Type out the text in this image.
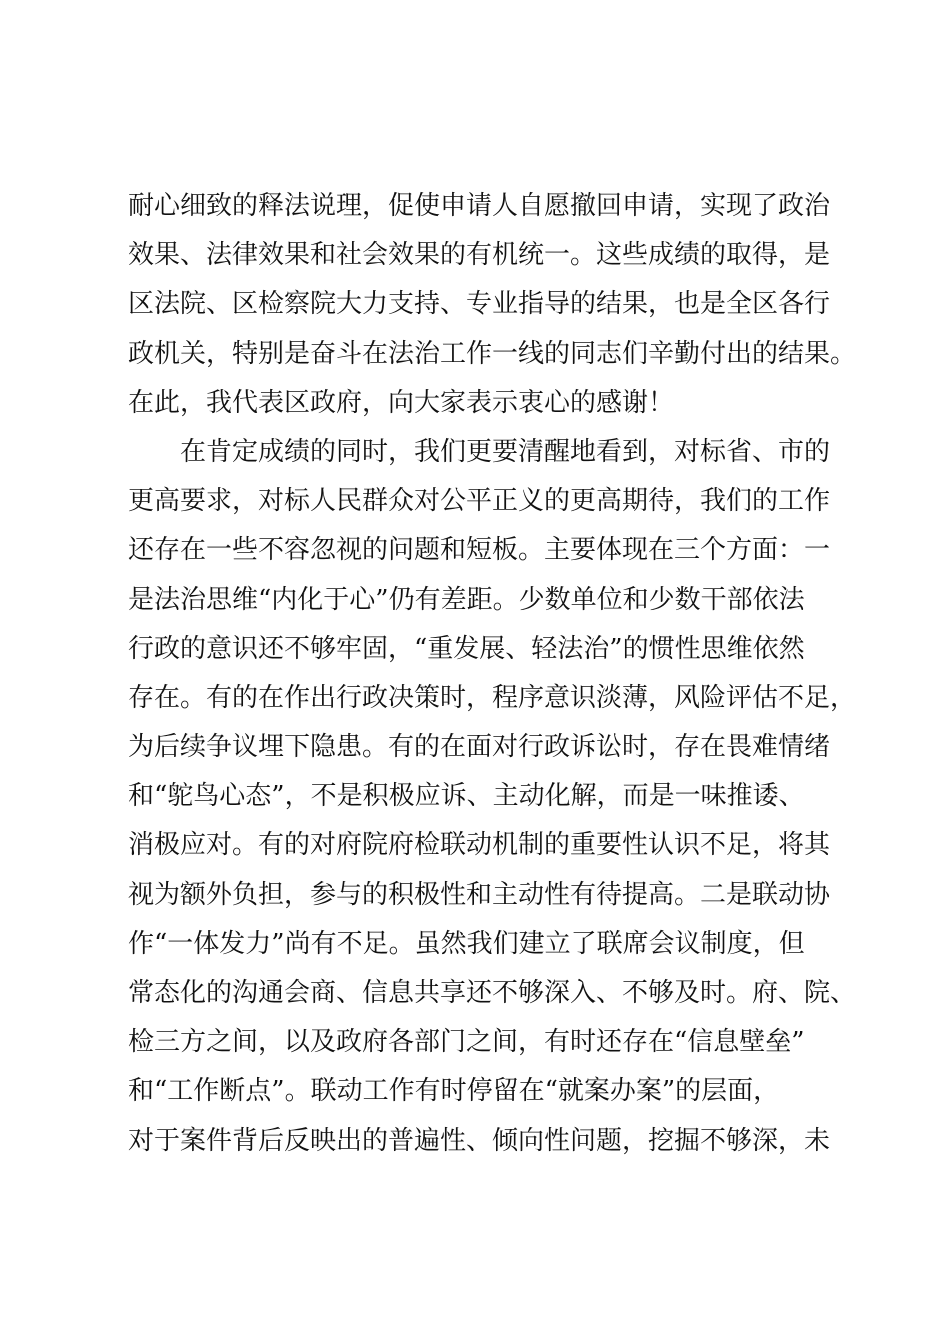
耐心细致的释法说理，促使申请人自愿撤回申请，实现了政治
效果、法律效果和社会效果的有机统一。这些成绩的取得，是
区法院、区检察院大力支持、专业指导的结果，也是全区各行
政机关，特别是奋斗在法治工作一线的同志们辛勤付出的结果。
在此，我代表区政府，向大家表示衷心的感谢！
在肯定成绩的同时，我们更要清醒地看到，对标省、市的
更高要求，对标人民群众对公平正义的更高期待，我们的工作
还存在一些不容忽视的问题和短板。主要体现在三个方面：一
是法治思维“内化于心”仍有差距。少数单位和少数干部依法
行政的意识还不够牢固，“重发展、轻法治”的惯性思维依然
存在。有的在作出行政决策时，程序意识淡薄，风险评估不足，
为后续争议埋下隐患。有的在面对行政诉讼时，存在畏难情绪
和“鸵鸟心态”，不是积极应诉、主动化解，而是一味推诿、
消极应对。有的对府院府检联动机制的重要性认识不足，将其
视为额外负担，参与的积极性和主动性有待提高。二是联动协
作“一体发力”尚有不足。虽然我们建立了联席会议制度，但
常态化的沟通会商、信息共享还不够深入、不够及时。府、院、
检三方之间，以及政府各部门之间，有时还存在“信息壁垒”
和“工作断点”。联动工作有时停留在“就案办案”的层面，
对于案件背后反映出的普遍性、倾向性问题，挖掘不够深，未
